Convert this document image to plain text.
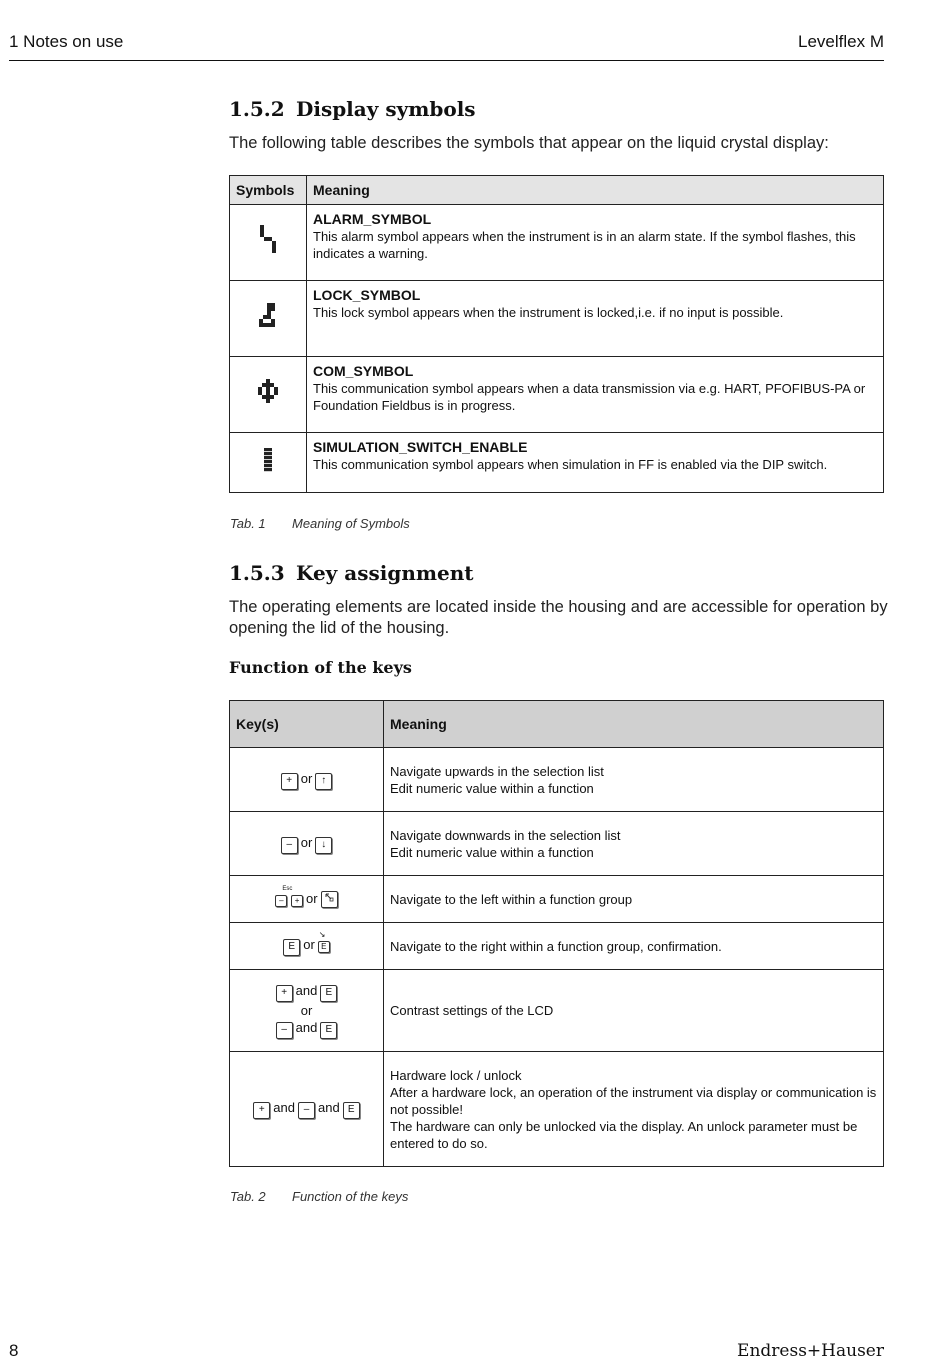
1 Notes on use	Levelflex M
1.5.2 Display symbols
The following table describes the symbols that appear on the liquid crystal display:
Symbols	Meaning

ALARM_SYMBOL
This alarm symbol appears when the instrument is in an alarm state. If the symbol flashes, this indicates a warning.

LOCK_SYMBOL
This lock symbol appears when the instrument is locked,i.e. if no input is possible.

COM_SYMBOL
This communication symbol appears when a data transmission via e.g. HART, PFOFIBUS-PA or Foundation Fieldbus is in progress.

SIMULATION_SWITCH_ENABLE
This communication symbol appears when simulation in FF is enabled via the DIP switch.
Tab. 1 Meaning of Symbols
1.5.3 Key assignment
The operating elements are located inside the housing and are accessible for operation by opening the lid of the housing.
Function of the keys
Key(s)	Meaning
+ or ↑	Navigate upwards in the selection list
Edit numeric value within a function

– or ↓	Navigate downwards in the selection list
Edit numeric value within a function

Esc
– + or	Navigate to the left within a function group

E or
↘
E	Navigate to the right within a function group, confirmation.

+ and E
or
– and E	Contrast settings of the LCD

+ and – and E	Hardware lock / unlock
After a hardware lock, an operation of the instrument via display or communication is not possible!
The hardware can only be unlocked via the display. An unlock parameter must be entered to do so.
Tab. 2 Function of the keys
8	Endress+Hauser
